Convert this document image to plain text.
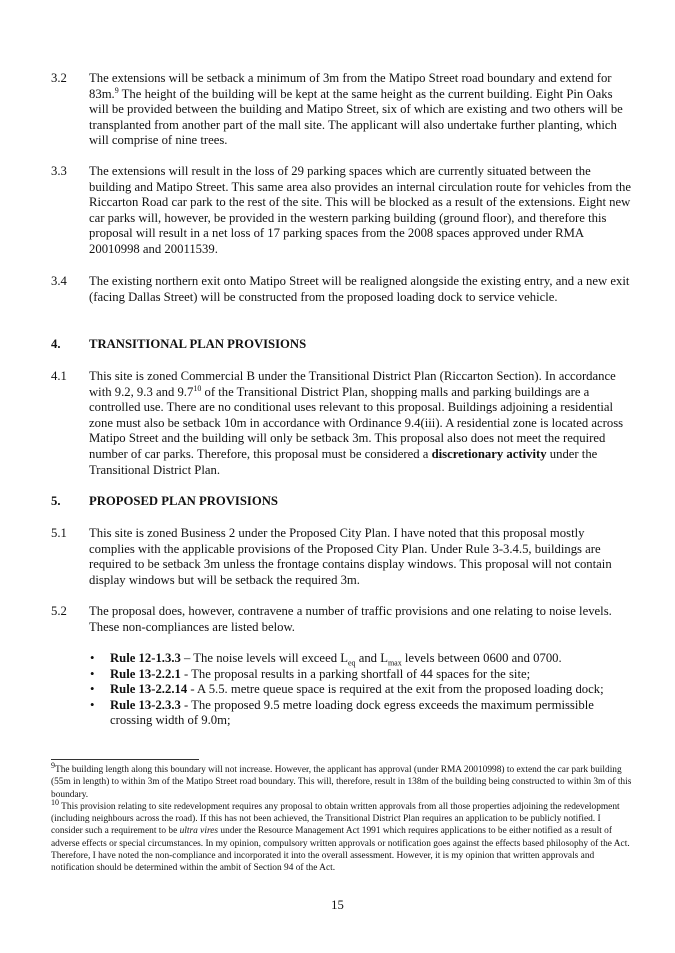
3.2	The extensions will be setback a minimum of 3m from the Matipo Street road boundary and extend for 83m.$^9$ The height of the building will be kept at the same height as the current building. Eight Pin Oaks will be provided between the building and Matipo Street, six of which are existing and two others will be transplanted from another part of the mall site. The applicant will also undertake further planting, which will comprise of nine trees.
3.3	The extensions will result in the loss of 29 parking spaces which are currently situated between the building and Matipo Street. This same area also provides an internal circulation route for vehicles from the Riccarton Road car park to the rest of the site. This will be blocked as a result of the extensions. Eight new car parks will, however, be provided in the western parking building (ground floor), and therefore this proposal will result in a net loss of 17 parking spaces from the 2008 spaces approved under RMA 20010998 and 20011539.
3.4	The existing northern exit onto Matipo Street will be realigned alongside the existing entry, and a new exit (facing Dallas Street) will be constructed from the proposed loading dock to service vehicle.
4. TRANSITIONAL PLAN PROVISIONS
4.1	This site is zoned Commercial B under the Transitional District Plan (Riccarton Section). In accordance with 9.2, 9.3 and $9.7^{10}$ of the Transitional District Plan, shopping malls and parking buildings are a controlled use. There are no conditional uses relevant to this proposal. Buildings adjoining a residential zone must also be setback 10m in accordance with Ordinance 9.4(iii). A residential zone is located across Matipo Street and the building will only be setback 3m. This proposal also does not meet the required number of car parks. Therefore, this proposal must be considered a discretionary activity under the Transitional District Plan.
5. PROPOSED PLAN PROVISIONS
5.1	This site is zoned Business 2 under the Proposed City Plan. I have noted that this proposal mostly complies with the applicable provisions of the Proposed City Plan. Under Rule 3-3.4.5, buildings are required to be setback 3m unless the frontage contains display windows. This proposal will not contain display windows but will be setback the required 3m.
5.2	The proposal does, however, contravene a number of traffic provisions and one relating to noise levels. These non-compliances are listed below.
• Rule 12-1.3.3 – The noise levels will exceed $L_{eq}$ and $L_{max}$ levels between 0600 and 0700.
• Rule 13-2.2.1 - The proposal results in a parking shortfall of 44 spaces for the site;
• Rule 13-2.2.14 - A 5.5. metre queue space is required at the exit from the proposed loading dock;
• Rule 13-2.3.3 - The proposed 9.5 metre loading dock egress exceeds the maximum permissible crossing width of 9.0m;

$^9$The building length along this boundary will not increase. However, the applicant has approval (under RMA 20010998) to extend the car park building (55m in length) to within 3m of the Matipo Street road boundary. This will, therefore, result in 138m of the building being constructed to within 3m of this boundary.

$^{10}$ This provision relating to site redevelopment requires any proposal to obtain written approvals from all those properties adjoining the redevelopment (including neighbours across the road). If this has not been achieved, the Transitional District Plan requires an application to be publicly notified. I consider such a requirement to be ultra vires under the Resource Management Act 1991 which requires applications to be either notified as a result of adverse effects or special circumstances. In my opinion, compulsory written approvals or notification goes against the effects based philosophy of the Act. Therefore, I have noted the non-compliance and incorporated it into the overall assessment. However, it is my opinion that written approvals and notification should be determined within the ambit of Section 94 of the Act.

15
